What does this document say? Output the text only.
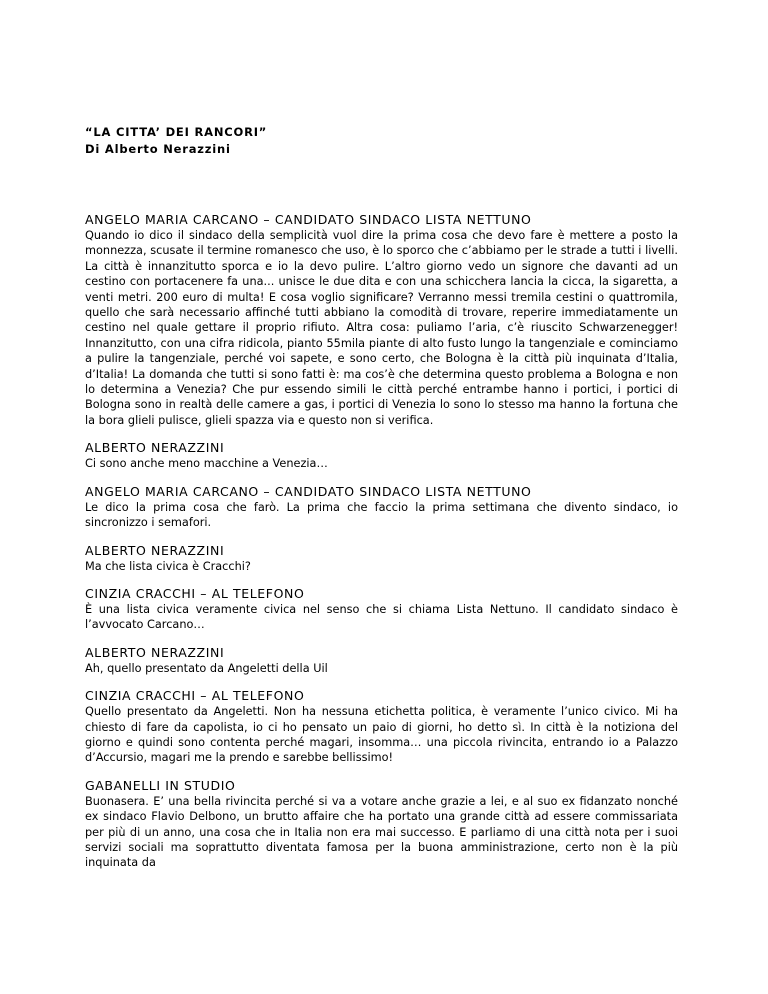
“LA CITTA’ DEI RANCORI”
Di Alberto Nerazzini
ANGELO MARIA CARCANO – CANDIDATO SINDACO LISTA NETTUNO

Quando io dico il sindaco della semplicità vuol dire la prima cosa che devo fare è mettere a posto la monnezza, scusate il termine romanesco che uso, è lo sporco che c’abbiamo per le strade a tutti i livelli. La città è innanzitutto sporca e io la devo pulire. L’altro giorno vedo un signore che davanti ad un cestino con portacenere fa una... unisce le due dita e con una schicchera lancia la cicca, la sigaretta, a venti metri. 200 euro di multa! E cosa voglio significare? Verranno messi tremila cestini o quattromila, quello che sarà necessario affinché tutti abbiano la comodità di trovare, reperire immediatamente un cestino nel quale gettare il proprio rifiuto. Altra cosa: puliamo l’aria, c’è riuscito Schwarzenegger! Innanzitutto, con una cifra ridicola, pianto 55mila piante di alto fusto lungo la tangenziale e cominciamo a pulire la tangenziale, perché voi sapete, e sono certo, che Bologna è la città più inquinata d’Italia, d’Italia! La domanda che tutti si sono fatti è: ma cos’è che determina questo problema a Bologna e non lo determina a Venezia? Che pur essendo simili le città perché entrambe hanno i portici, i portici di Bologna sono in realtà delle camere a gas, i portici di Venezia lo sono lo stesso ma hanno la fortuna che la bora glieli pulisce, glieli spazza via e questo non si verifica.

ALBERTO NERAZZINI

Ci sono anche meno macchine a Venezia…

ANGELO MARIA CARCANO – CANDIDATO SINDACO LISTA NETTUNO

Le dico la prima cosa che farò. La prima che faccio la prima settimana che divento sindaco, io sincronizzo i semafori.

ALBERTO NERAZZINI

Ma che lista civica è Cracchi?

CINZIA CRACCHI – AL TELEFONO

È una lista civica veramente civica nel senso che si chiama Lista Nettuno. Il candidato sindaco è l’avvocato Carcano…

ALBERTO NERAZZINI

Ah, quello presentato da Angeletti della Uil

CINZIA CRACCHI – AL TELEFONO

Quello presentato da Angeletti. Non ha nessuna etichetta politica, è veramente l’unico civico. Mi ha chiesto di fare da capolista, io ci ho pensato un paio di giorni, ho detto sì. In città è la notiziona del giorno e quindi sono contenta perché magari, insomma… una piccola rivincita, entrando io a Palazzo d’Accursio, magari me la prendo e sarebbe bellissimo!

GABANELLI IN STUDIO

Buonasera. E’ una bella rivincita perché si va a votare anche grazie a lei, e al suo ex fidanzato nonché ex sindaco Flavio Delbono, un brutto affaire che ha portato una grande città ad essere commissariata per più di un anno, una cosa che in Italia non era mai successo. E parliamo di una città nota per i suoi servizi sociali ma soprattutto diventata famosa per la buona amministrazione, certo non è la più inquinata da
